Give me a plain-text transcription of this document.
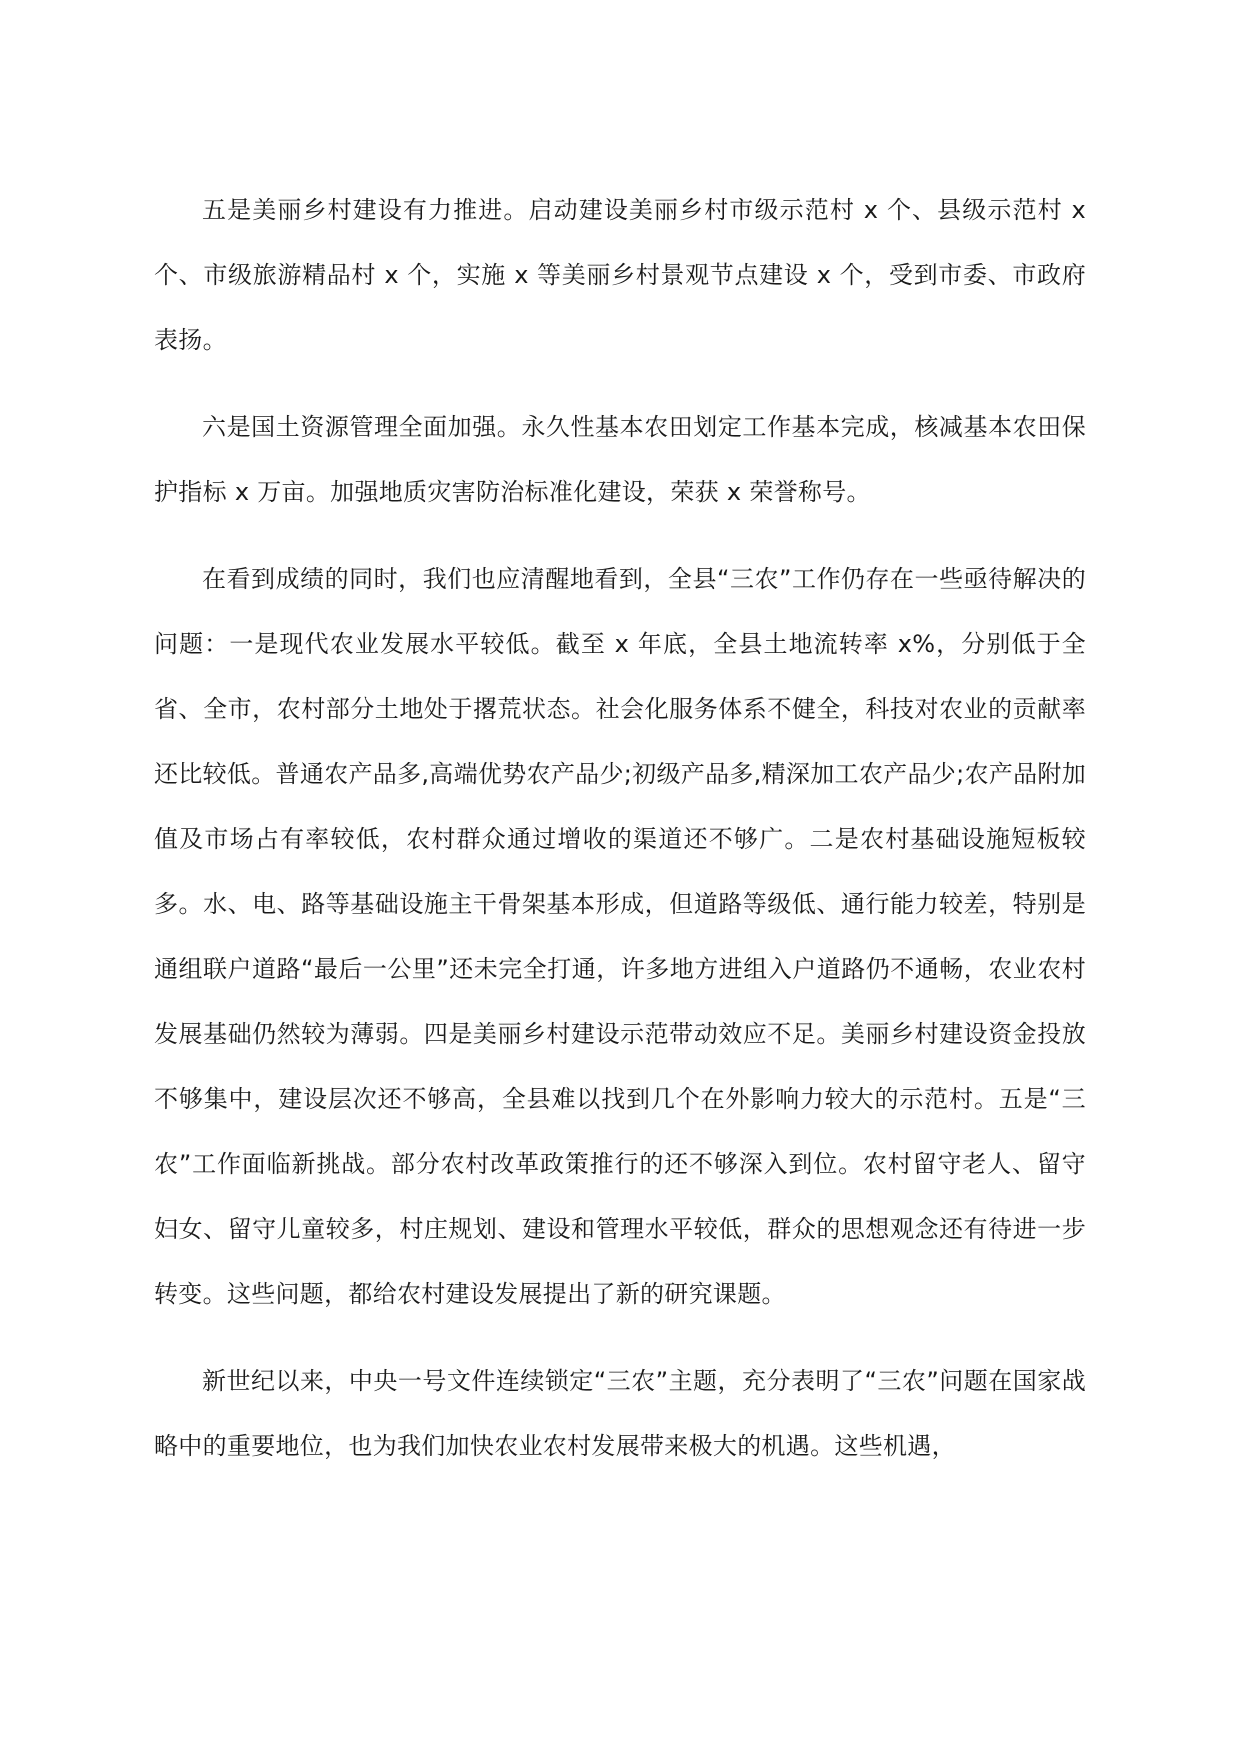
五是美丽乡村建设有力推进。启动建设美丽乡村市级示范村 x 个、县级示范村 x 个、市级旅游精品村 x 个，实施 x 等美丽乡村景观节点建设 x 个，受到市委、市政府表扬。

六是国土资源管理全面加强。永久性基本农田划定工作基本完成，核减基本农田保护指标 x 万亩。加强地质灾害防治标准化建设，荣获 x 荣誉称号。

在看到成绩的同时，我们也应清醒地看到，全县“三农”工作仍存在一些亟待解决的问题：一是现代农业发展水平较低。截至 x 年底，全县土地流转率 x%，分别低于全省、全市，农村部分土地处于撂荒状态。社会化服务体系不健全，科技对农业的贡献率还比较低。普通农产品多,高端优势农产品少;初级产品多,精深加工农产品少;农产品附加值及市场占有率较低，农村群众通过增收的渠道还不够广。二是农村基础设施短板较多。水、电、路等基础设施主干骨架基本形成，但道路等级低、通行能力较差，特别是通组联户道路“最后一公里”还未完全打通，许多地方进组入户道路仍不通畅，农业农村发展基础仍然较为薄弱。四是美丽乡村建设示范带动效应不足。美丽乡村建设资金投放不够集中，建设层次还不够高，全县难以找到几个在外影响力较大的示范村。五是“三农”工作面临新挑战。部分农村改革政策推行的还不够深入到位。农村留守老人、留守妇女、留守儿童较多，村庄规划、建设和管理水平较低，群众的思想观念还有待进一步转变。这些问题，都给农村建设发展提出了新的研究课题。

新世纪以来，中央一号文件连续锁定“三农”主题，充分表明了“三农”问题在国家战略中的重要地位，也为我们加快农业农村发展带来极大的机遇。这些机遇，
